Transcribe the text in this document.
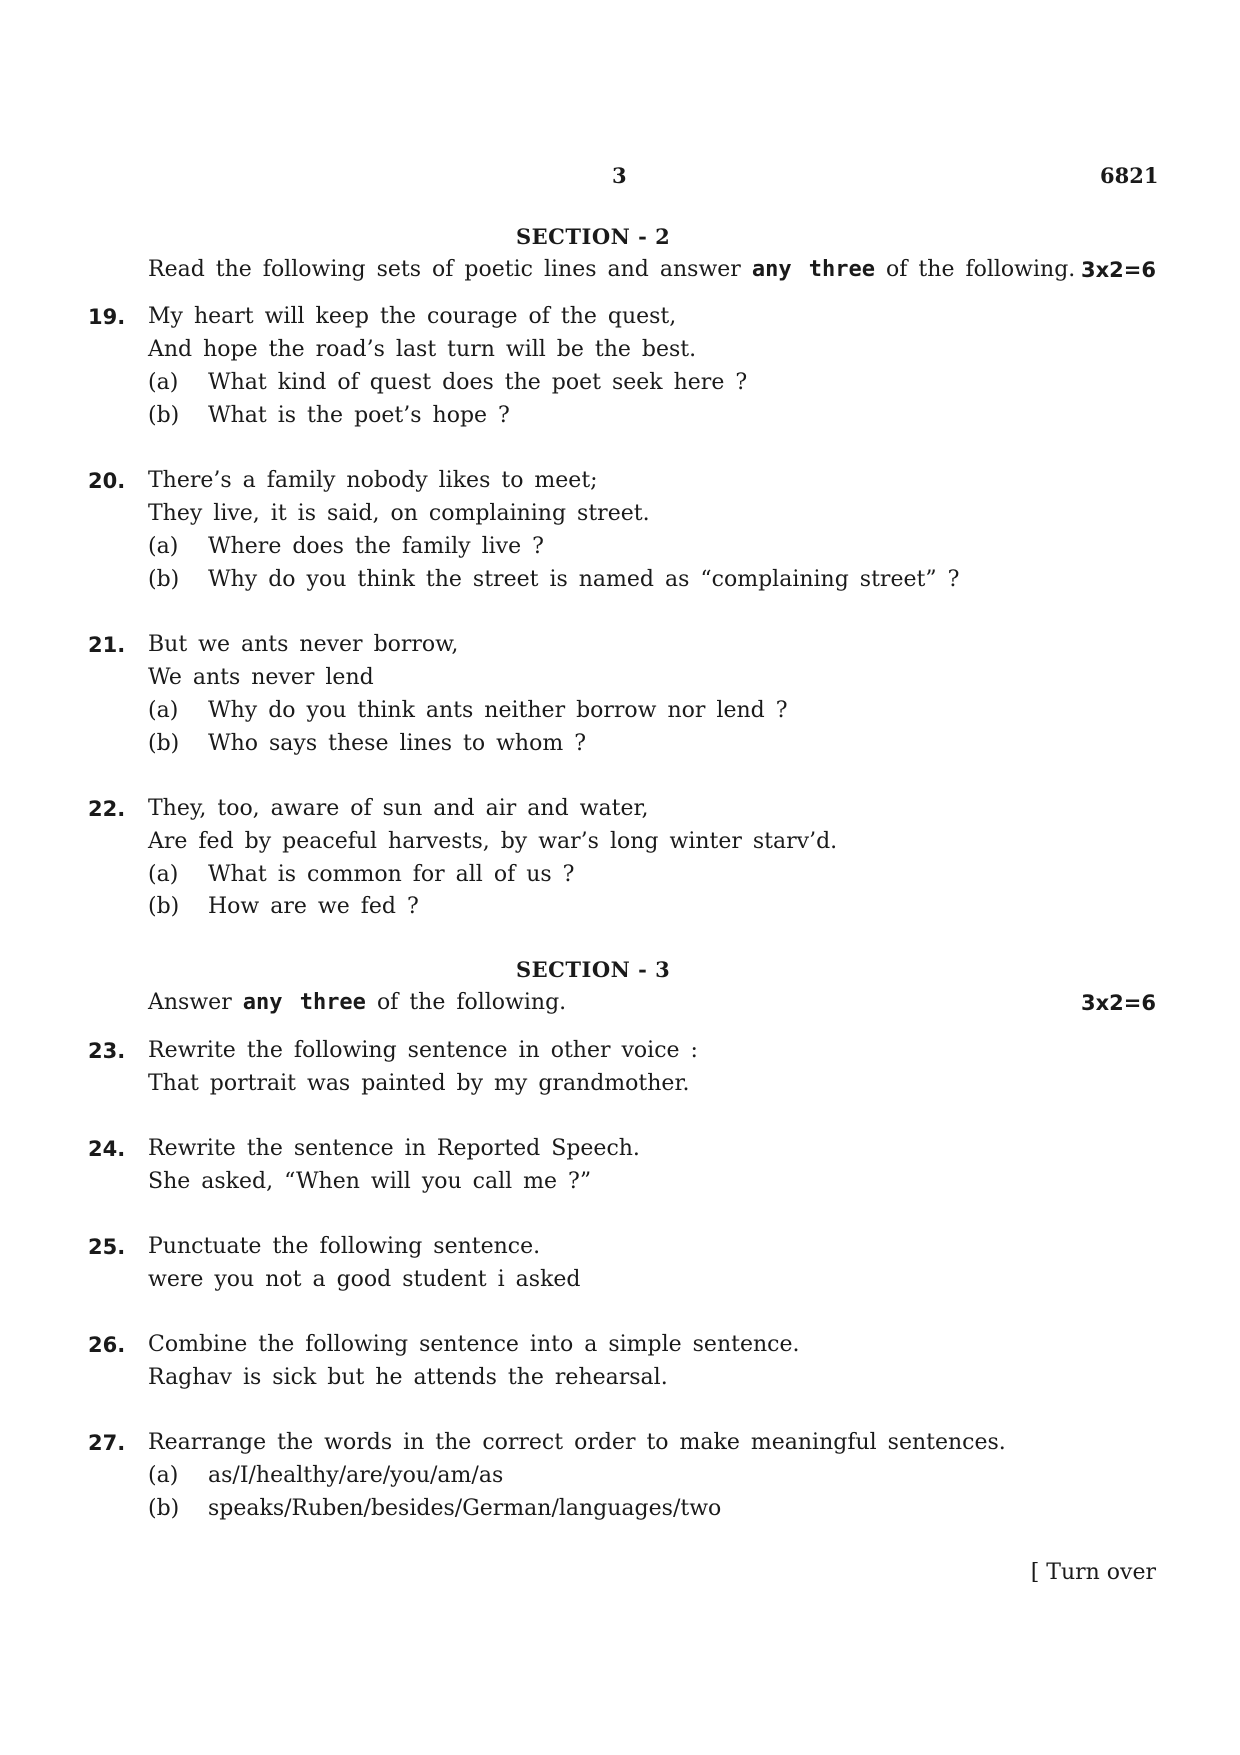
3	6821
SECTION - 2
Read the following sets of poetic lines and answer any three of the following. 3x2=6
19. My heart will keep the courage of the quest,
And hope the road’s last turn will be the best.
(a) What kind of quest does the poet seek here ?
(b) What is the poet’s hope ?
20. There’s a family nobody likes to meet;
They live, it is said, on complaining street.
(a) Where does the family live ?
(b) Why do you think the street is named as “complaining street” ?
21. But we ants never borrow,
We ants never lend
(a) Why do you think ants neither borrow nor lend ?
(b) Who says these lines to whom ?
22. They, too, aware of sun and air and water,
Are fed by peaceful harvests, by war’s long winter starv’d.
(a) What is common for all of us ?
(b) How are we fed ?
SECTION - 3
Answer any three of the following.	3x2=6
23. Rewrite the following sentence in other voice :
That portrait was painted by my grandmother.
24. Rewrite the sentence in Reported Speech.
She asked, “When will you call me ?”
25. Punctuate the following sentence.
were you not a good student i asked
26. Combine the following sentence into a simple sentence.
Raghav is sick but he attends the rehearsal.
27. Rearrange the words in the correct order to make meaningful sentences.
(a) as/I/healthy/are/you/am/as
(b) speaks/Ruben/besides/German/languages/two
[ Turn over
